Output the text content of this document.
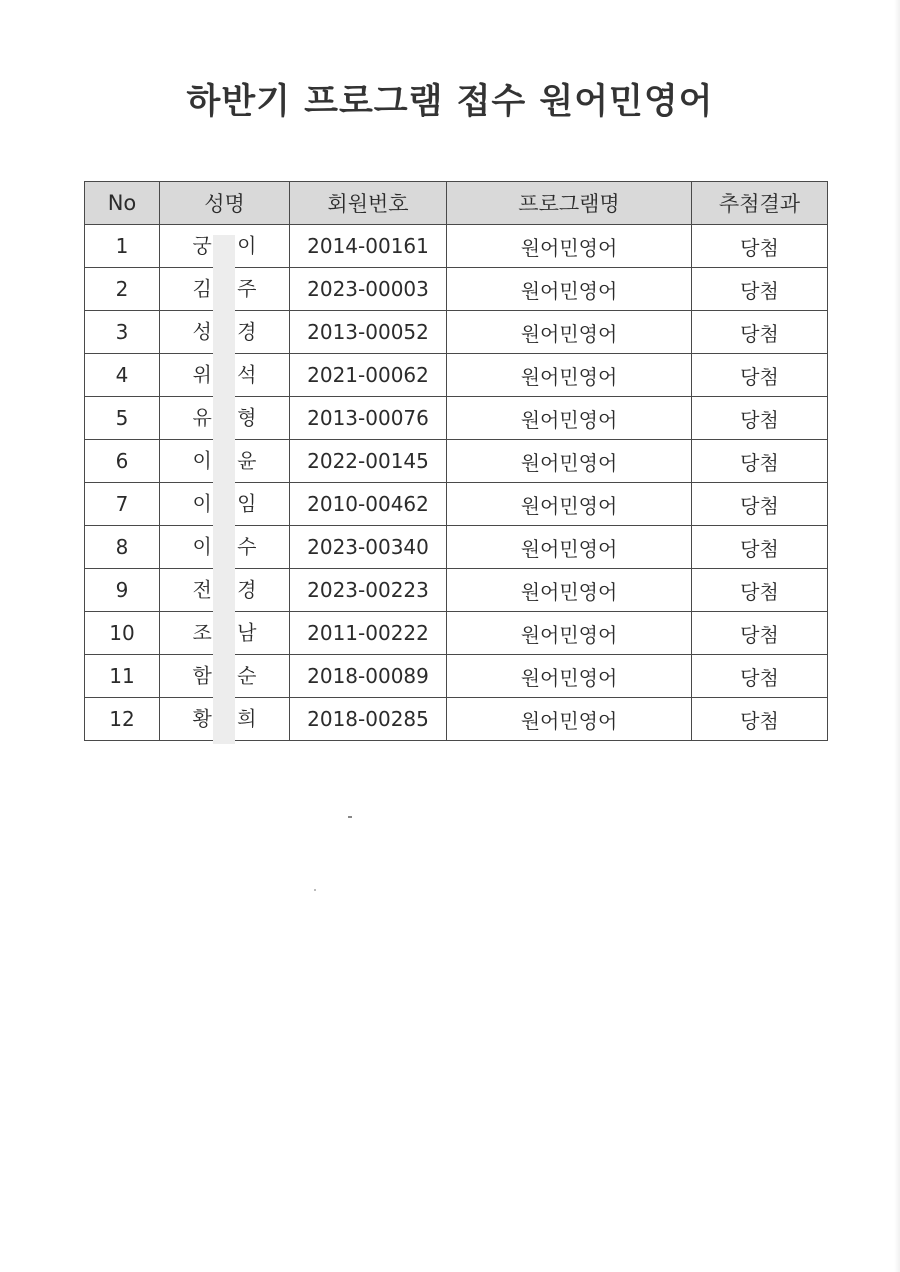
하반기 프로그램 접수 원어민영어
No	성명	회원번호	프로그램명	추첨결과
1	궁 이	2014-00161	원어민영어	당첨
2	김 주	2023-00003	원어민영어	당첨
3	성 경	2013-00052	원어민영어	당첨
4	위 석	2021-00062	원어민영어	당첨
5	유 형	2013-00076	원어민영어	당첨
6	이 윤	2022-00145	원어민영어	당첨
7	이 임	2010-00462	원어민영어	당첨
8	이 수	2023-00340	원어민영어	당첨
9	전 경	2023-00223	원어민영어	당첨
10	조 남	2011-00222	원어민영어	당첨
11	함 순	2018-00089	원어민영어	당첨
12	황 희	2018-00285	원어민영어	당첨
